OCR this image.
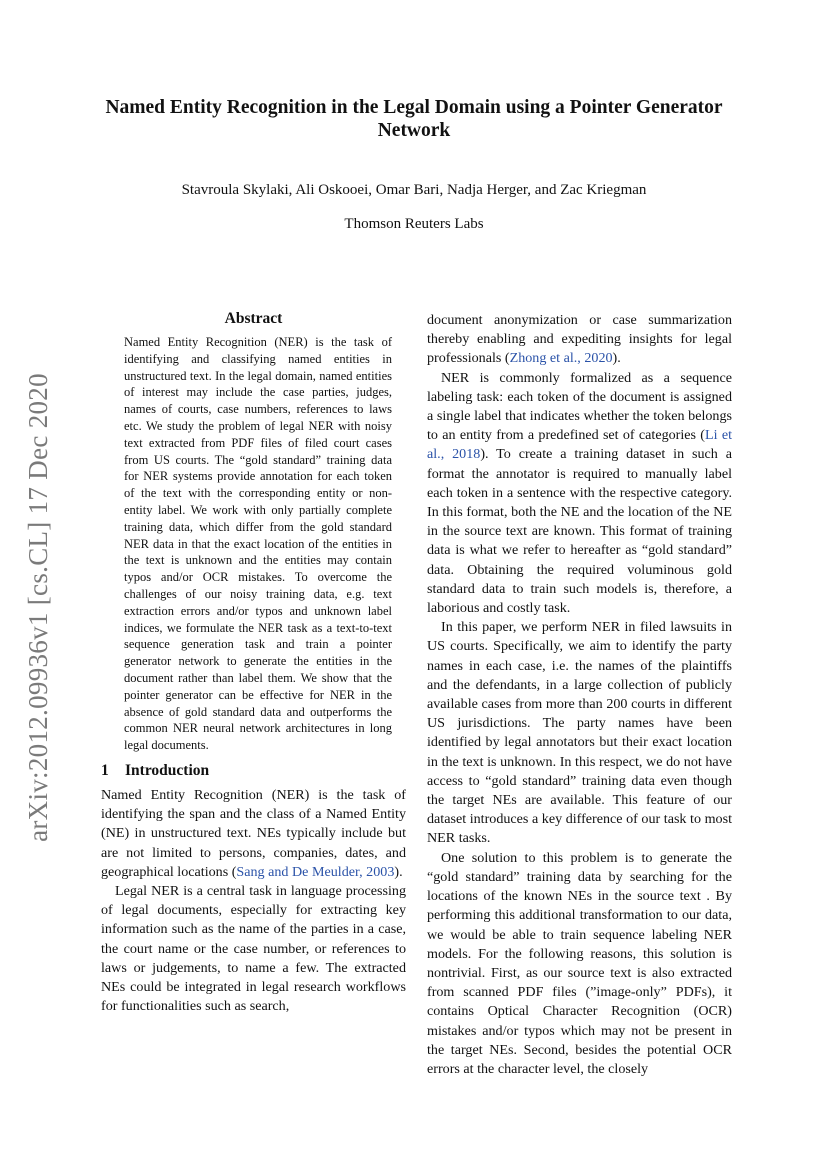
arXiv:2012.09936v1 [cs.CL] 17 Dec 2020
Named Entity Recognition in the Legal Domain using a Pointer Generator Network

Stavroula Skylaki, Ali Oskooei, Omar Bari, Nadja Herger, and Zac Kriegman

Thomson Reuters Labs

Abstract

Named Entity Recognition (NER) is the task of identifying and classifying named entities in unstructured text. In the legal domain, named entities of interest may include the case parties, judges, names of courts, case numbers, references to laws etc. We study the problem of legal NER with noisy text extracted from PDF files of filed court cases from US courts. The “gold standard” training data for NER systems provide annotation for each token of the text with the corresponding entity or non-entity label. We work with only partially complete training data, which differ from the gold standard NER data in that the exact location of the entities in the text is unknown and the entities may contain typos and/or OCR mistakes. To overcome the challenges of our noisy training data, e.g. text extraction errors and/or typos and unknown label indices, we formulate the NER task as a text-to-text sequence generation task and train a pointer generator network to generate the entities in the document rather than label them. We show that the pointer generator can be effective for NER in the absence of gold standard data and outperforms the common NER neural network architectures in long legal documents.

1 Introduction

Named Entity Recognition (NER) is the task of identifying the span and the class of a Named Entity (NE) in unstructured text. NEs typically include but are not limited to persons, companies, dates, and geographical locations (Sang and De Meulder, 2003).

Legal NER is a central task in language processing of legal documents, especially for extracting key information such as the name of the parties in a case, the court name or the case number, or references to laws or judgements, to name a few. The extracted NEs could be integrated in legal research workflows for functionalities such as search,

document anonymization or case summarization thereby enabling and expediting insights for legal professionals (Zhong et al., 2020).

NER is commonly formalized as a sequence labeling task: each token of the document is assigned a single label that indicates whether the token belongs to an entity from a predefined set of categories (Li et al., 2018). To create a training dataset in such a format the annotator is required to manually label each token in a sentence with the respective category. In this format, both the NE and the location of the NE in the source text are known. This format of training data is what we refer to hereafter as “gold standard” data. Obtaining the required voluminous gold standard data to train such models is, therefore, a laborious and costly task.

In this paper, we perform NER in filed lawsuits in US courts. Specifically, we aim to identify the party names in each case, i.e. the names of the plaintiffs and the defendants, in a large collection of publicly available cases from more than 200 courts in different US jurisdictions. The party names have been identified by legal annotators but their exact location in the text is unknown. In this respect, we do not have access to “gold standard” training data even though the target NEs are available. This feature of our dataset introduces a key difference of our task to most NER tasks.

One solution to this problem is to generate the “gold standard” training data by searching for the locations of the known NEs in the source text . By performing this additional transformation to our data, we would be able to train sequence labeling NER models. For the following reasons, this solution is nontrivial. First, as our source text is also extracted from scanned PDF files (”image-only” PDFs), it contains Optical Character Recognition (OCR) mistakes and/or typos which may not be present in the target NEs. Second, besides the potential OCR errors at the character level, the closely
